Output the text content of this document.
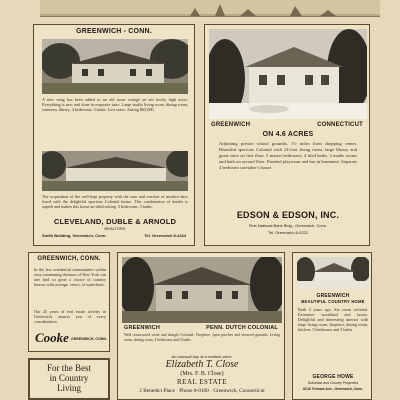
GREENWICH - CONN.
A new wing has been added to an old stone cottage on ten lovely high acres. Everything is new and done in exquisite taste. Large studio living room, dining room, sunroom, library, 4 bedrooms, 3 baths. Low taxes. Asking $65,000.
The acquisition of the well-kept property with the ease and comfort of modern days fused with the delightful spacious Colonial house. This combination of details is superb and makes this home an ideal setting. 5 bedrooms, 3 baths.
CLEVELAND, DUBLE & ARNOLD
REALTORS
Smith Building, Greenwich, Conn.	Tel. Greenwich 8-4444
GREENWICH	CONNECTICUT
ON 4.6 ACRES
Adjoining private school grounds, 1½ miles from shopping center. Beautiful spacious Colonial with 24-foot living room, large library and guest suite on first floor. 5 master bedrooms, 4 tiled baths, 2 maids rooms and bath on second floor. Paneled playroom and bar in basement. Separate 4 bedroom caretaker's house.
EDSON & EDSON, INC.
First National Bank Bldg., Greenwich, Conn.
Tel. Greenwich 8-0222
GREENWICH, CONN.
In the few residential communities within easy commuting distance of New York can one find so great a choice of country houses with acreage, views, or waterfront.
Our 25 years of real estate activity in Greenwich assures you of every consideration.
Cooke GREENWICH, CONN.
For the Best
in Country
Living
GREENWICH	PENN. DUTCH COLONIAL
Well constructed stone and shingle Colonial. Fireplace, open porches and terraced grounds. Living room, dining room, 4 bedrooms and 3 baths.
An unusual buy at a realistic price.
Elizabeth T. Close
(Mrs. F. B. Close)
REAL ESTATE
2 Benedict Place · Phone 8-0100 · Greenwich, Connecticut
GREENWICH
BEAUTIFUL COUNTRY HOME
Built 2 years ago. Six room colonial. Extensive woodland and lawns. Delightful and interesting interior with large living room, fireplace, dining room, kitchen, 3 bedrooms and 2 baths.
GEORGE HOWE
Suburban and Country Properties
43 W. Putnam Ave., Greenwich, Conn.
